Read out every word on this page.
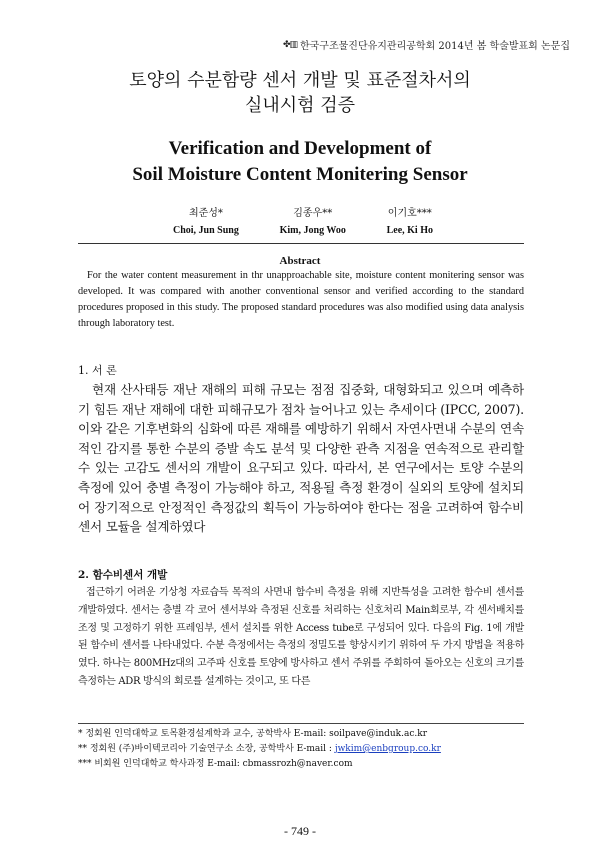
✤▥ 한국구조물진단유지관리공학회 2014년 봄 학술발표회 논문집
토양의 수분함량 센서 개발 및 표준절차서의
실내시험 검증
Verification and Development of
Soil Moisture Content Monitering Sensor
최준성*
Choi, Jun Sung
김종우**
Kim, Jong Woo
이기호***
Lee, Ki Ho
Abstract

For the water content measurement in thr unapproachable site, moisture content monitering sensor was developed. It was compared with another conventional sensor and verified according to the standard procedures proposed in this study. The proposed standard procedures was also modified using data analysis through laboratory test.

1. 서 론

현재 산사태등 재난 재해의 피해 규모는 점점 집중화, 대형화되고 있으며 예측하기 힘든 재난 재해에 대한 피해규모가 점차 늘어나고 있는 추세이다 (IPCC, 2007). 이와 같은 기후변화의 심화에 따른 재해를 예방하기 위해서 자연사면내 수분의 연속적인 감지를 통한 수분의 증발 속도 분석 및 다양한 관측 지점을 연속적으로 관리할 수 있는 고감도 센서의 개발이 요구되고 있다. 따라서, 본 연구에서는 토양 수분의 측정에 있어 충별 측정이 가능해야 하고, 적용될 측정 환경이 실외의 토양에 설치되어 장기적으로 안정적인 측정값의 획득이 가능하여야 한다는 점을 고려하여 함수비 센서 모듈을 설계하였다

2. 함수비센서 개발

접근하기 어려운 기상청 자료습득 목적의 사면내 함수비 측정을 위해 지반특성을 고려한 함수비 센서를 개발하였다. 센서는 층별 각 코어 센서부와 측정된 신호를 처리하는 신호처리 Main회로부, 각 센서배치를 조정 및 고정하기 위한 프레임부, 센서 설치를 위한 Access tube로 구성되어 있다. 다음의 Fig. 1에 개발된 함수비 센서를 나타내었다. 수분 측정에서는 측정의 정밀도를 향상시키기 위하여 두 가지 방법을 적용하였다. 하나는 800MHz대의 고주파 신호를 토양에 방사하고 센서 주위를 주회하여 돌아오는 신호의 크기를 측정하는 ADR 방식의 회로를 설계하는 것이고, 또 다른

* 정회원 인덕대학교 토목환경설계학과 교수, 공학박사 E-mail: soilpave@induk.ac.kr
** 정회원 (주)바이텍코리아 기술연구소 소장, 공학박사 E-mail : jwkim@enbgroup.co.kr
*** 비회원 인덕대학교 학사과정 E-mail: cbmassrozh@naver.com
- 749 -
